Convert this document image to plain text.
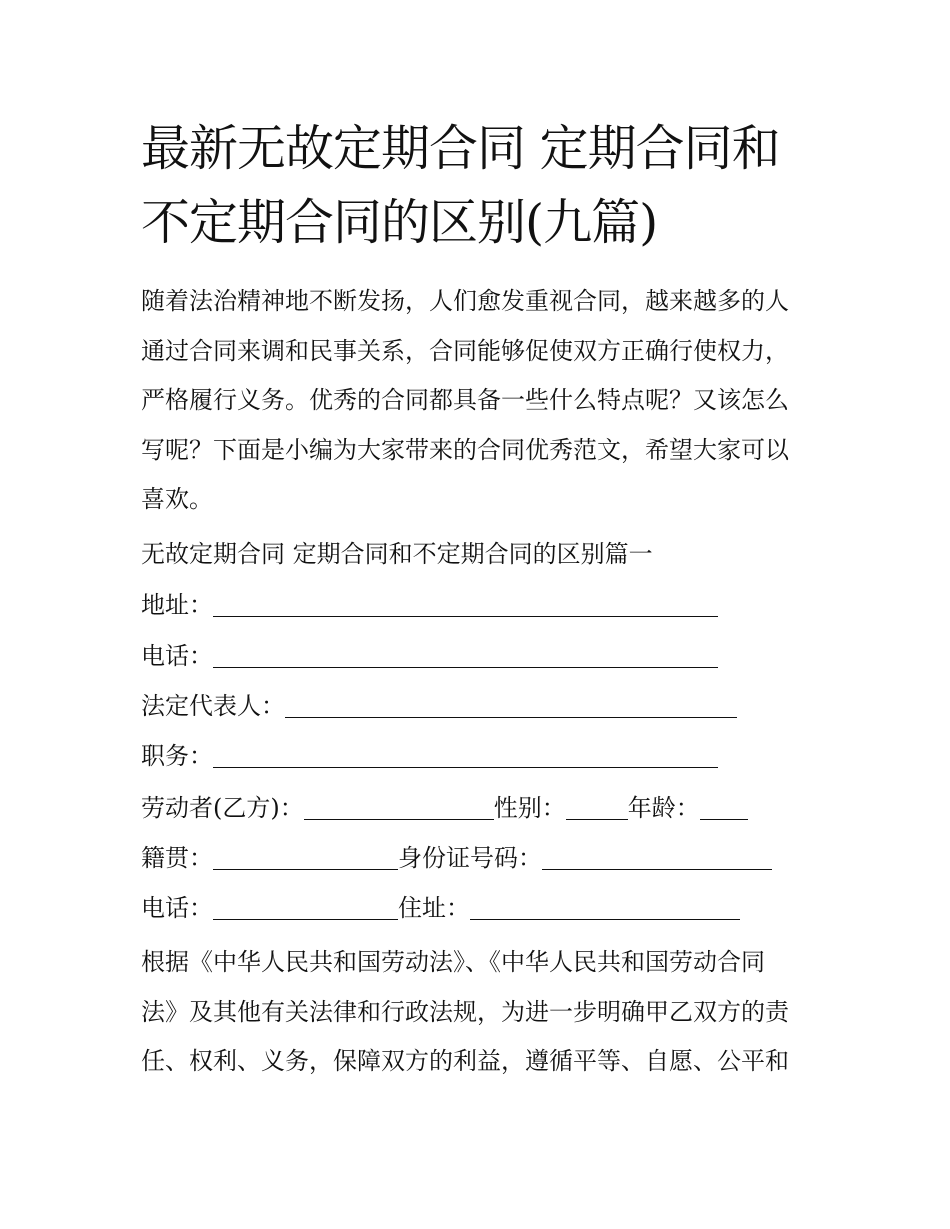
最新无故定期合同 定期合同和
不定期合同的区别(九篇)

随着法治精神地不断发扬，人们愈发重视合同，越来越多的人
通过合同来调和民事关系，合同能够促使双方正确行使权力，
严格履行义务。优秀的合同都具备一些什么特点呢？又该怎么
写呢？下面是小编为大家带来的合同优秀范文，希望大家可以
喜欢。

无故定期合同 定期合同和不定期合同的区别篇一
地址：
电话：
法定代表人：
职务：
劳动者(乙方)：	性别：	年龄：
籍贯：	身份证号码：
电话：	住址：

根据《中华人民共和国劳动法》、《中华人民共和国劳动合同
法》及其他有关法律和行政法规，为进一步明确甲乙双方的责
任、权利、义务，保障双方的利益，遵循平等、自愿、公平和
